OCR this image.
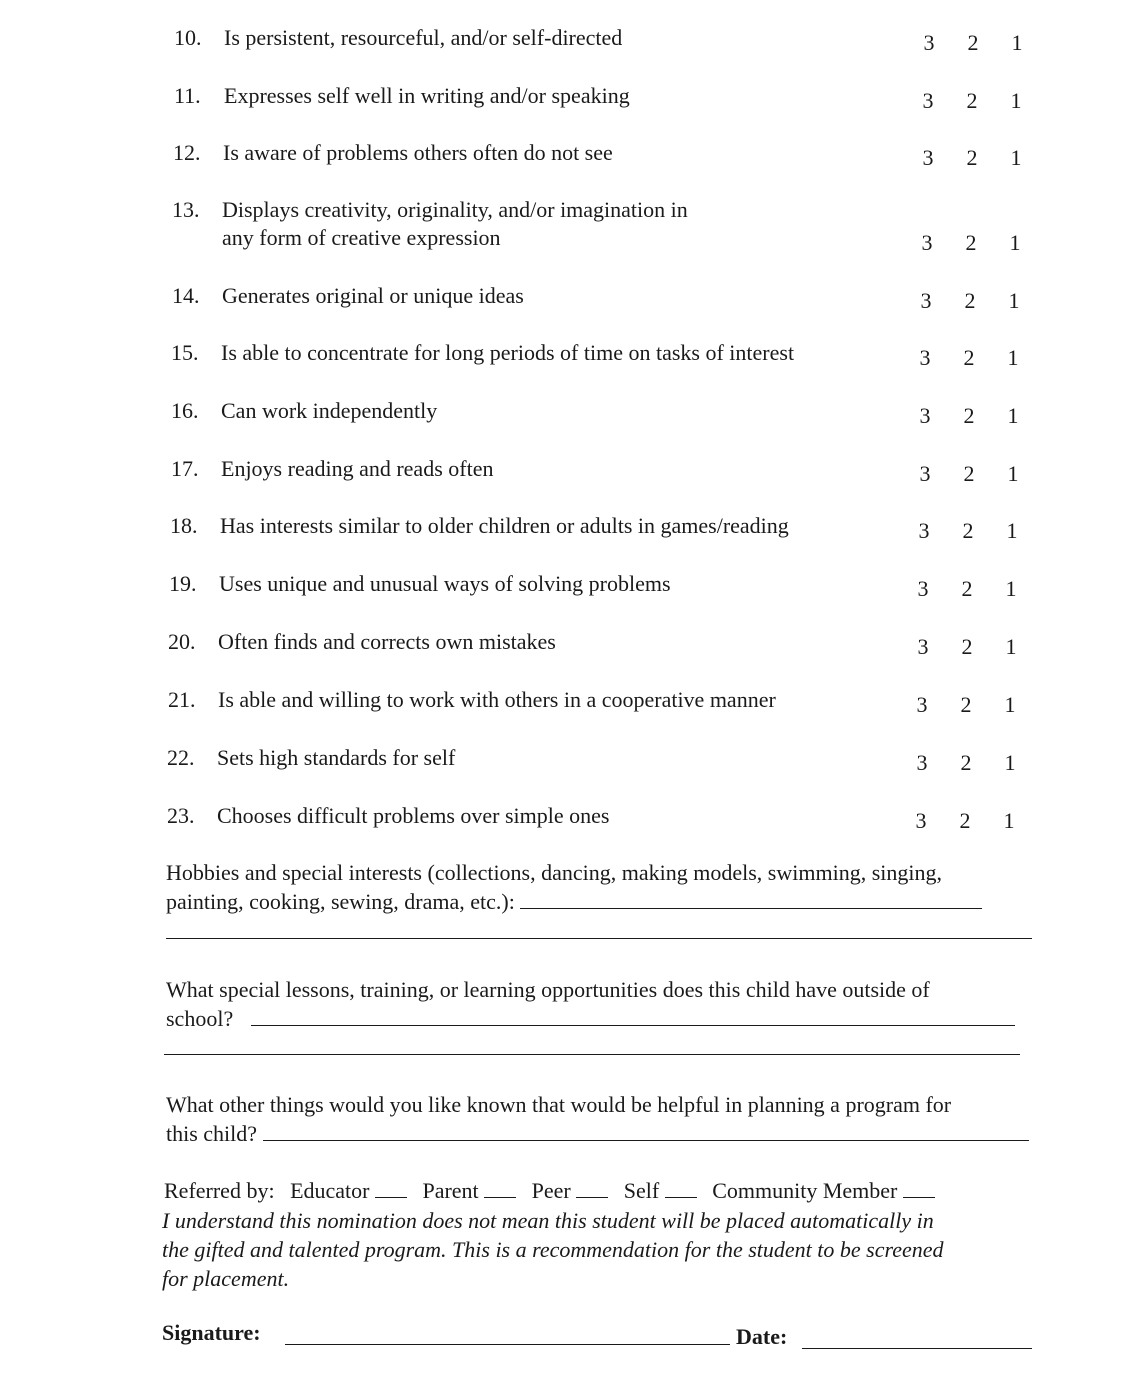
10.	Is persistent, resourceful, and/or self-directed	3 2 1
11.	Expresses self well in writing and/or speaking	3 2 1
12.	Is aware of problems others often do not see	3 2 1
13.	Displays creativity, originality, and/or imagination in
any form of creative expression	3 2 1
14.	Generates original or unique ideas	3 2 1
15.	Is able to concentrate for long periods of time on tasks of interest	3 2 1
16.	Can work independently	3 2 1
17.	Enjoys reading and reads often	3 2 1
18.	Has interests similar to older children or adults in games/reading	3 2 1
19.	Uses unique and unusual ways of solving problems	3 2 1
20.	Often finds and corrects own mistakes	3 2 1
21.	Is able and willing to work with others in a cooperative manner	3 2 1
22.	Sets high standards for self	3 2 1
23.	Chooses difficult problems over simple ones	3 2 1
Hobbies and special interests (collections, dancing, making models, swimming, singing,
painting, cooking, sewing, drama, etc.):
What special lessons, training, or learning opportunities does this child have outside of
school?
What other things would you like known that would be helpful in planning a program for
this child?
Referred by: Educator Parent Peer Self Community Member
I understand this nomination does not mean this student will be placed automatically in
the gifted and talented program. This is a recommendation for the student to be screened
for placement.
Signature:	Date:
